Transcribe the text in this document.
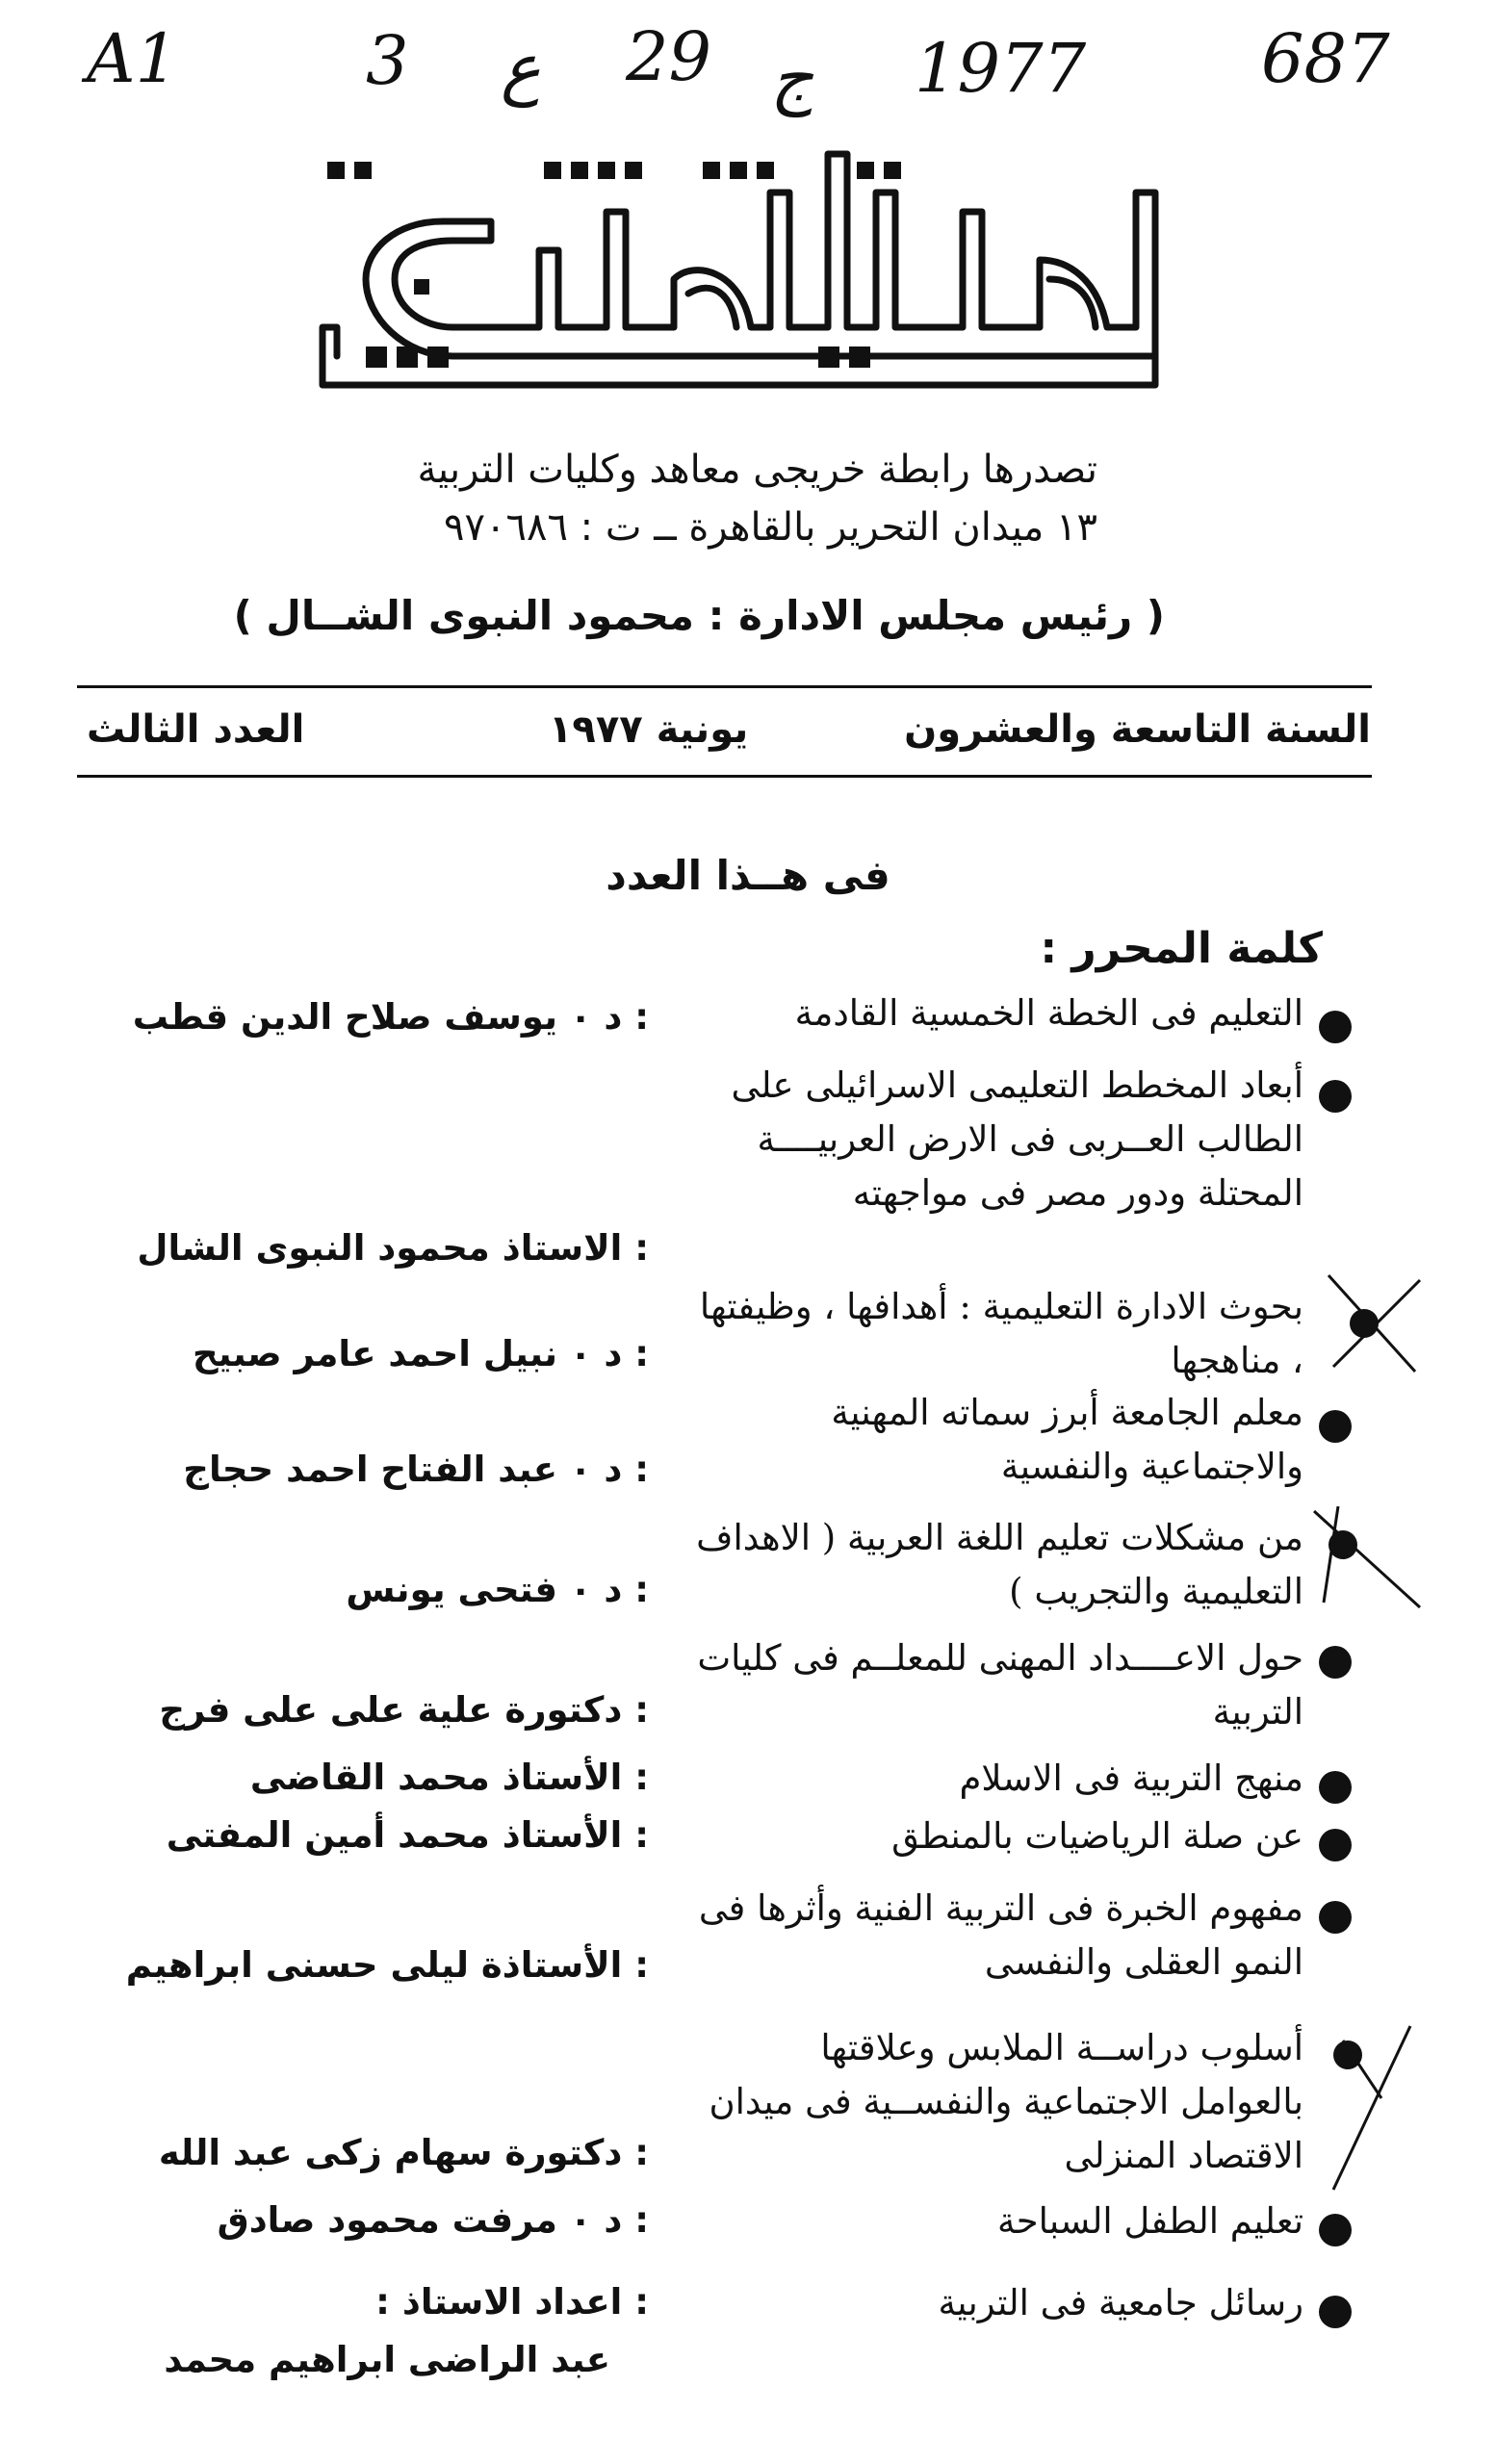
A1	3 ع 29 ج 1977	687
تصدرها رابطة خريجى معاهد وكليات التربية
١٣ ميدان التحرير بالقاهرة ــ ت : ٩٧٠٦٨٦
( رئيس مجلس الادارة : محمود النبوى الشــال )
السنة التاسعة والعشرون
يونية ١٩٧٧
العدد الثالث
فى هــذا العدد
كلمة المحرر :
التعليم فى الخطة الخمسية القادمة
: د ٠ يوسف صلاح الدين قطب
أبعاد المخطط التعليمى الاسرائيلى على الطالب العــربى فى الارض العربيــــة المحتلة ودور مصر فى مواجهته
: الاستاذ محمود النبوى الشال
بحوث الادارة التعليمية : أهدافها ، وظيفتها ، مناهجها
: د ٠ نبيل احمد عامر صبيح
معلم الجامعة أبرز سماته المهنية والاجتماعية والنفسية
: د ٠ عبد الفتاح احمد حجاج
من مشكلات تعليم اللغة العربية ( الاهداف التعليمية والتجريب )
: د ٠ فتحى يونس
حول الاعــــداد المهنى للمعلــم فى كليات التربية
: دكتورة علية على على فرج
منهج التربية فى الاسلام
: الأستاذ محمد القاضى
عن صلة الرياضيات بالمنطق
: الأستاذ محمد أمين المفتى
مفهوم الخبرة فى التربية الفنية وأثرها فى النمو العقلى والنفسى
: الأستاذة ليلى حسنى ابراهيم
أسلوب دراســة الملابس وعلاقتها بالعوامل الاجتماعية والنفســية فى ميدان الاقتصاد المنزلى
: دكتورة سهام زكى عبد الله
تعليم الطفل السباحة
: د ٠ مرفت محمود صادق
رسائل جامعية فى التربية
: اعداد الاستاذ :
عبد الراضى ابراهيم محمد
